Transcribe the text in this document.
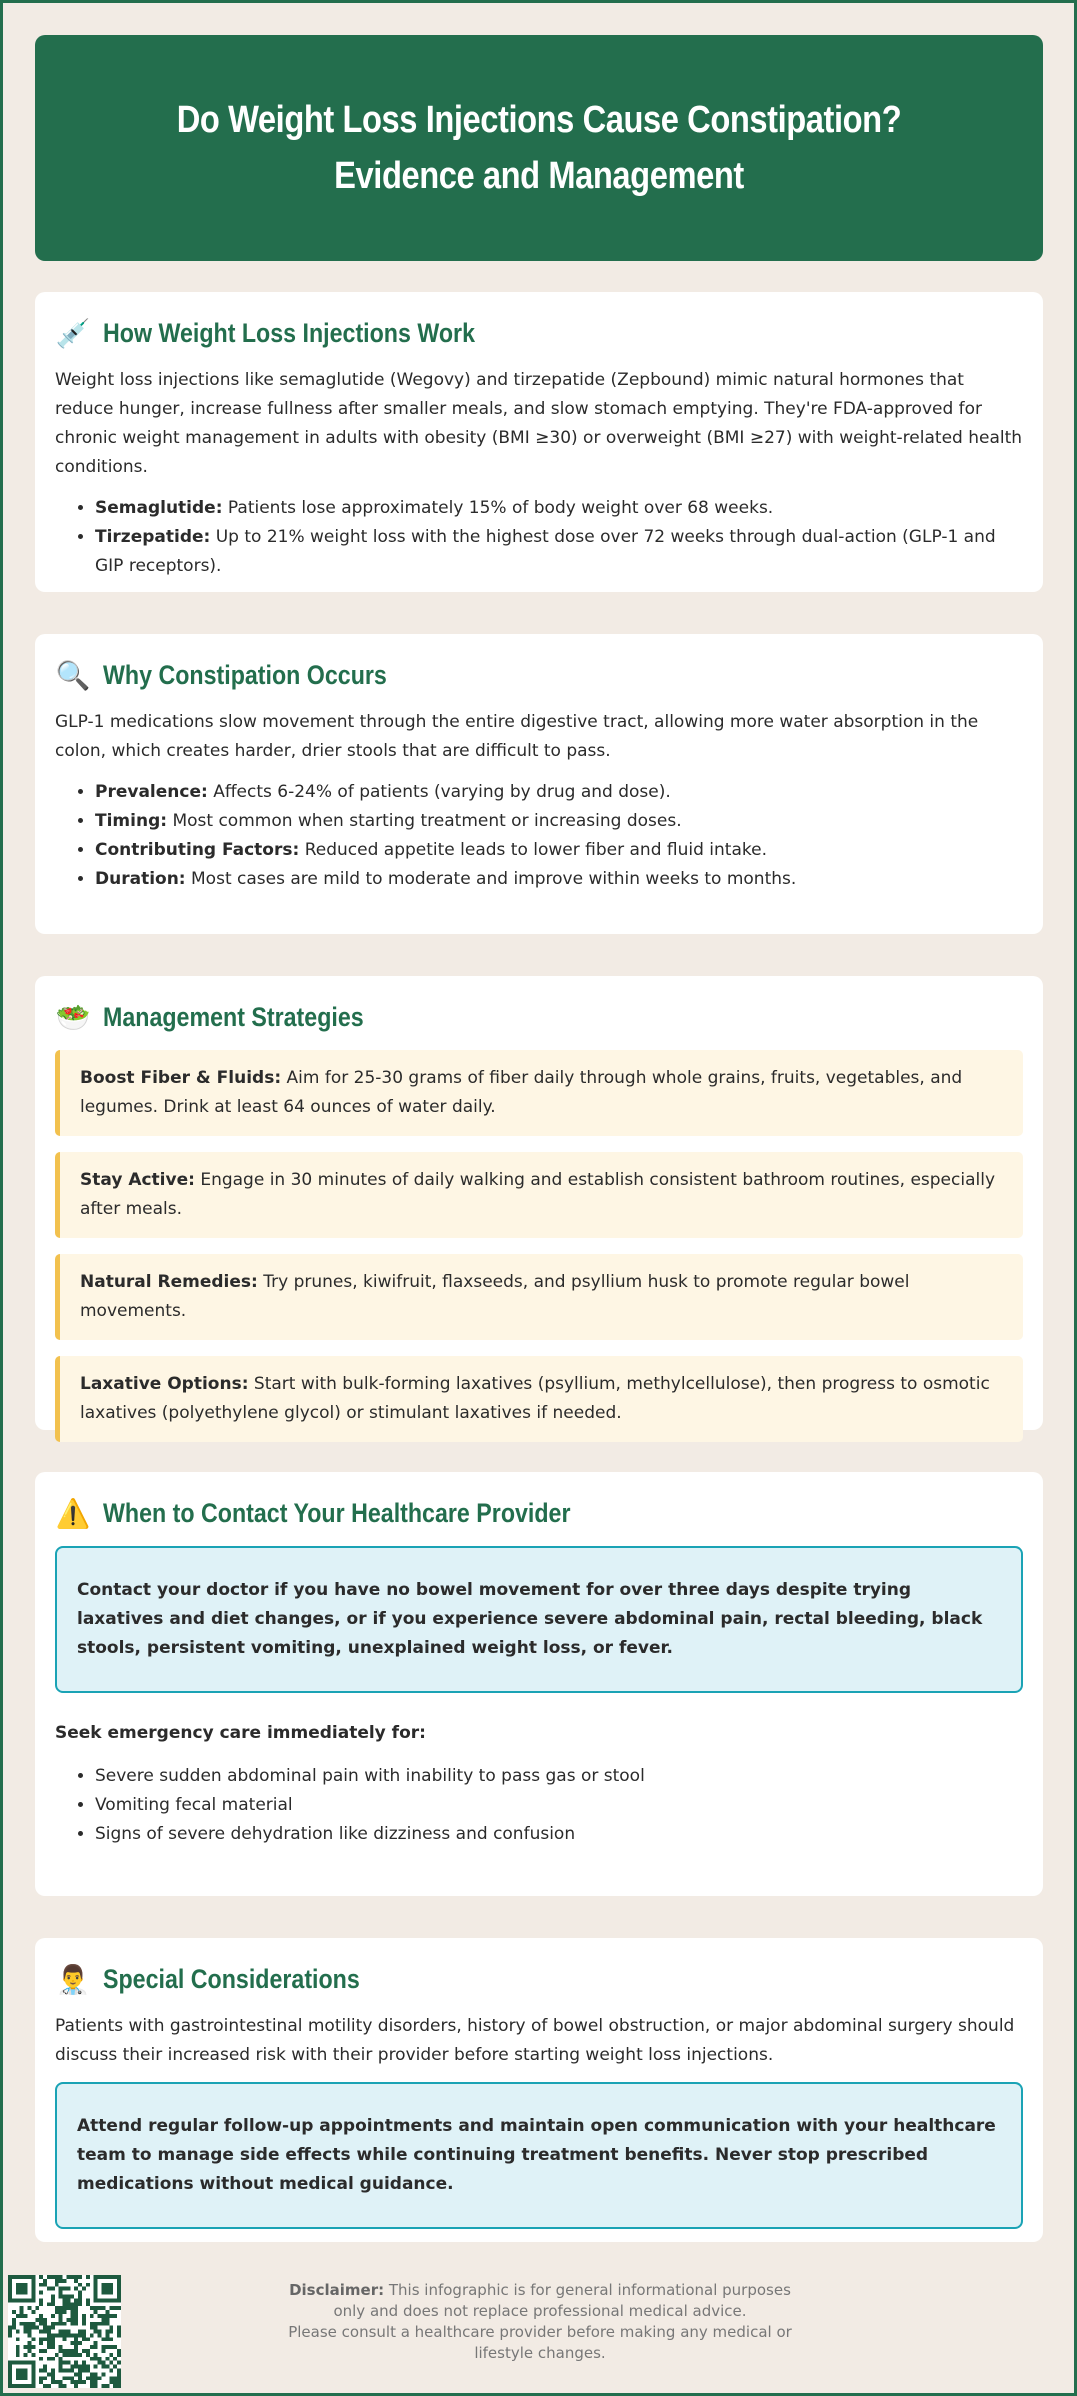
Do Weight Loss Injections Cause Constipation? Evidence and Management
💉 How Weight Loss Injections Work

Weight loss injections like semaglutide (Wegovy) and tirzepatide (Zepbound) mimic natural hormones that reduce hunger, increase fullness after smaller meals, and slow stomach emptying. They're FDA-approved for chronic weight management in adults with obesity (BMI ≥30) or overweight (BMI ≥27) with weight-related health conditions.

• Semaglutide: Patients lose approximately 15% of body weight over 68 weeks.
• Tirzepatide: Up to 21% weight loss with the highest dose over 72 weeks through dual-action (GLP-1 and GIP receptors).
🔍 Why Constipation Occurs

GLP-1 medications slow movement through the entire digestive tract, allowing more water absorption in the colon, which creates harder, drier stools that are difficult to pass.

• Prevalence: Affects 6-24% of patients (varying by drug and dose).
• Timing: Most common when starting treatment or increasing doses.
• Contributing Factors: Reduced appetite leads to lower fiber and fluid intake.
• Duration: Most cases are mild to moderate and improve within weeks to months.
🥗 Management Strategies
Boost Fiber & Fluids: Aim for 25-30 grams of fiber daily through whole grains, fruits, vegetables, and legumes. Drink at least 64 ounces of water daily.
Stay Active: Engage in 30 minutes of daily walking and establish consistent bathroom routines, especially after meals.
Natural Remedies: Try prunes, kiwifruit, flaxseeds, and psyllium husk to promote regular bowel movements.
Laxative Options: Start with bulk-forming laxatives (psyllium, methylcellulose), then progress to osmotic laxatives (polyethylene glycol) or stimulant laxatives if needed.
⚠️ When to Contact Your Healthcare Provider
Contact your doctor if you have no bowel movement for over three days despite trying laxatives and diet changes, or if you experience severe abdominal pain, rectal bleeding, black stools, persistent vomiting, unexplained weight loss, or fever.
Seek emergency care immediately for:
• Severe sudden abdominal pain with inability to pass gas or stool
• Vomiting fecal material
• Signs of severe dehydration like dizziness and confusion
👨‍⚕️ Special Considerations

Patients with gastrointestinal motility disorders, history of bowel obstruction, or major abdominal surgery should discuss their increased risk with their provider before starting weight loss injections.

Attend regular follow-up appointments and maintain open communication with your healthcare team to manage side effects while continuing treatment benefits. Never stop prescribed medications without medical guidance.
Disclaimer: This infographic is for general informational purposes
only and does not replace professional medical advice.
Please consult a healthcare provider before making any medical or lifestyle changes.
